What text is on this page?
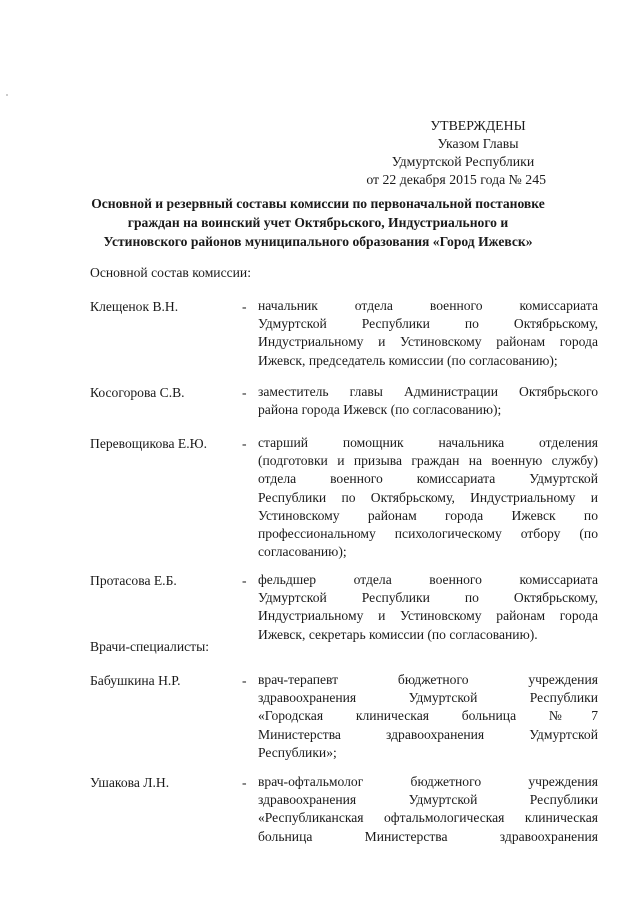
УТВЕРЖДЕНЫ
Указом Главы
Удмуртской Республики
от 22 декабря 2015 года № 245
Основной и резервный составы комиссии по первоначальной постановке
граждан на воинский учет Октябрьского, Индустриального и
Устиновского районов муниципального образования «Город Ижевск»
Основной состав комиссии:
Клещенок В.Н.	- начальник отдела военного комиссариата
Удмуртской Республики по Октябрьскому,
Индустриальному и Устиновскому районам города
Ижевск, председатель комиссии (по согласованию);
Косогорова С.В.	- заместитель главы Администрации Октябрьского
района города Ижевск (по согласованию);
Перевощикова Е.Ю.	- старший помощник начальника отделения
(подготовки и призыва граждан на военную службу)
отдела военного комиссариата Удмуртской
Республики по Октябрьскому, Индустриальному и
Устиновскому районам города Ижевск по
профессиональному психологическому отбору (по
согласованию);
Протасова Е.Б.	- фельдшер отдела военного комиссариата
Удмуртской Республики по Октябрьскому,
Индустриальному и Устиновскому районам города
Ижевск, секретарь комиссии (по согласованию).
Врачи-специалисты:
Бабушкина Н.Р.	- врач-терапевт бюджетного учреждения
здравоохранения Удмуртской Республики
«Городская клиническая больница №7
Министерства здравоохранения Удмуртской
Республики»;
Ушакова Л.Н.	- врач-офтальмолог бюджетного учреждения
здравоохранения Удмуртской Республики
«Республиканская офтальмологическая клиническая
больница Министерства здравоохранения
